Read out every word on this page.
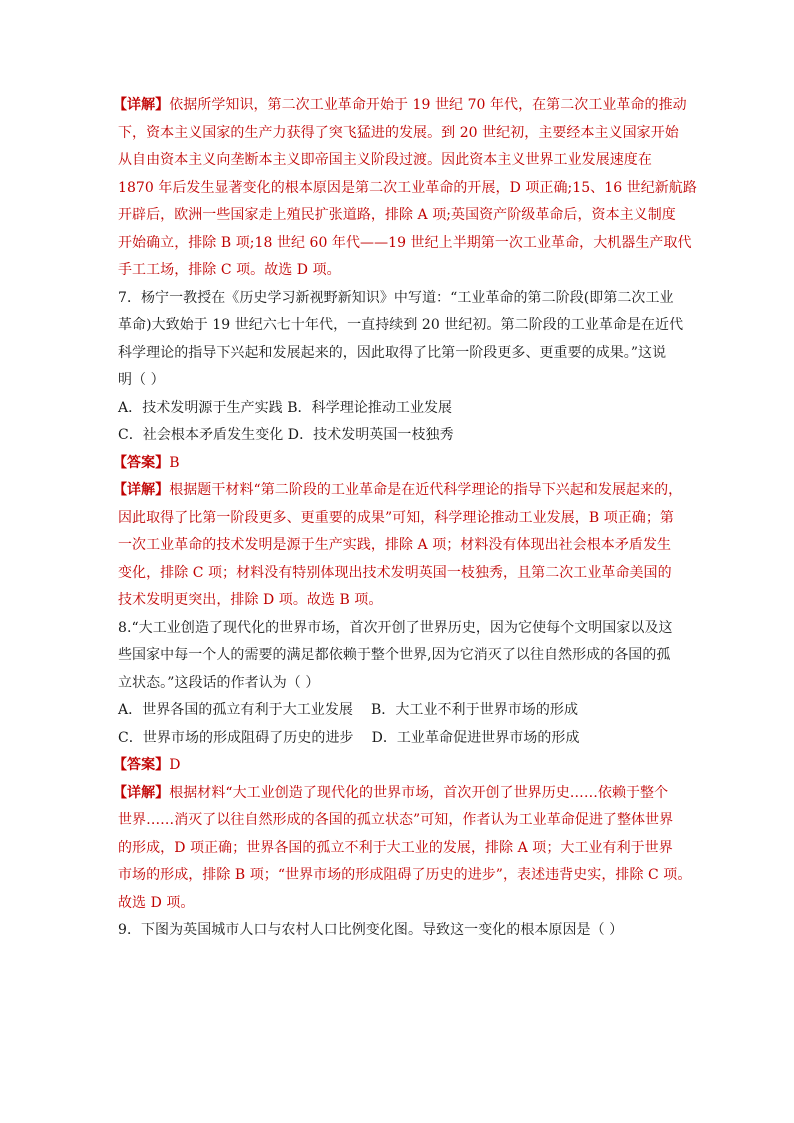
【详解】依据所学知识，第二次工业革命开始于 19 世纪 70 年代，在第二次工业革命的推动
下，资本主义国家的生产力获得了突飞猛进的发展。到 20 世纪初，主要经本主义国家开始
从自由资本主义向垄断本主义即帝国主义阶段过渡。因此资本主义世界工业发展速度在
1870 年后发生显著变化的根本原因是第二次工业革命的开展，D 项正确;15、16 世纪新航路
开辟后，欧洲一些国家走上殖民扩张道路，排除 A 项;英国资产阶级革命后，资本主义制度
开始确立，排除 B 项;18 世纪 60 年代——19 世纪上半期第一次工业革命，大机器生产取代
手工工场，排除 C 项。故选 D 项。
7．杨宁一教授在《历史学习新视野新知识》中写道：“工业革命的第二阶段(即第二次工业
革命)大致始于 19 世纪六七十年代，一直持续到 20 世纪初。第二阶段的工业革命是在近代
科学理论的指导下兴起和发展起来的，因此取得了比第一阶段更多、更重要的成果。”这说
明（ ）
A．技术发明源于生产实践 B．科学理论推动工业发展
C．社会根本矛盾发生变化 D．技术发明英国一枝独秀
【答案】B
【详解】根据题干材料“第二阶段的工业革命是在近代科学理论的指导下兴起和发展起来的，
因此取得了比第一阶段更多、更重要的成果”可知，科学理论推动工业发展，B 项正确；第
一次工业革命的技术发明是源于生产实践，排除 A 项；材料没有体现出社会根本矛盾发生
变化，排除 C 项；材料没有特别体现出技术发明英国一枝独秀，且第二次工业革命美国的
技术发明更突出，排除 D 项。故选 B 项。
8.“大工业创造了现代化的世界市场，首次开创了世界历史，因为它使每个文明国家以及这
些国家中每一个人的需要的满足都依赖于整个世界,因为它消灭了以往自然形成的各国的孤
立状态。”这段话的作者认为（ ）
A．世界各国的孤立有利于大工业发展 B．大工业不利于世界市场的形成
C．世界市场的形成阻碍了历史的进步 D．工业革命促进世界市场的形成
【答案】D
【详解】根据材料“大工业创造了现代化的世界市场，首次开创了世界历史……依赖于整个
世界……消灭了以往自然形成的各国的孤立状态”可知，作者认为工业革命促进了整体世界
的形成，D 项正确；世界各国的孤立不利于大工业的发展，排除 A 项；大工业有利于世界
市场的形成，排除 B 项；“世界市场的形成阻碍了历史的进步”，表述违背史实，排除 C 项。
故选 D 项。
9．下图为英国城市人口与农村人口比例变化图。导致这一变化的根本原因是（ ）
